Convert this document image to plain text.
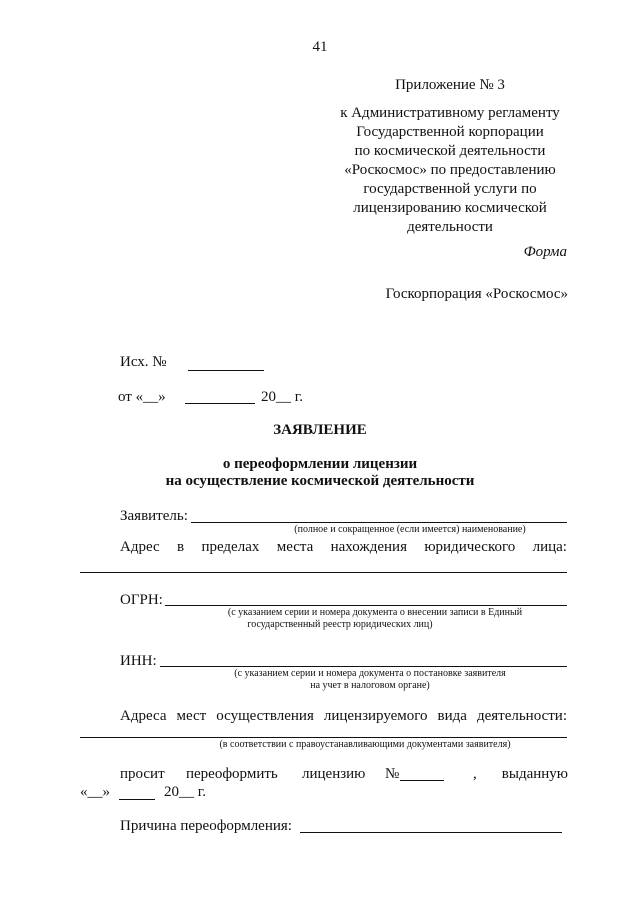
41
Приложение № 3
к Административному регламенту
Государственной корпорации
по космической деятельности
«Роскосмос» по предоставлению
государственной услуги по
лицензированию космической
деятельности
Форма
Госкорпорация «Роскосмос»
Исх. №
от «__»	20__ г.
ЗАЯВЛЕНИЕ
о переоформлении лицензии
на осуществление космической деятельности
Заявитель:
(полное и сокращенное (если имеется) наименование)
Адрес в пределах места нахождения юридического лица:
ОГРН:
(с указанием серии и номера документа о внесении записи в Единый
государственный реестр юридических лиц)
ИНН:
(с указанием серии и номера документа о постановке заявителя
на учет в налоговом органе)
Адреса мест осуществления лицензируемого вида деятельности:
(в соответствии с правоустанавливающими документами заявителя)
просит переоформить лицензию №	, выданную
«__»	20__ г.
Причина переоформления:
